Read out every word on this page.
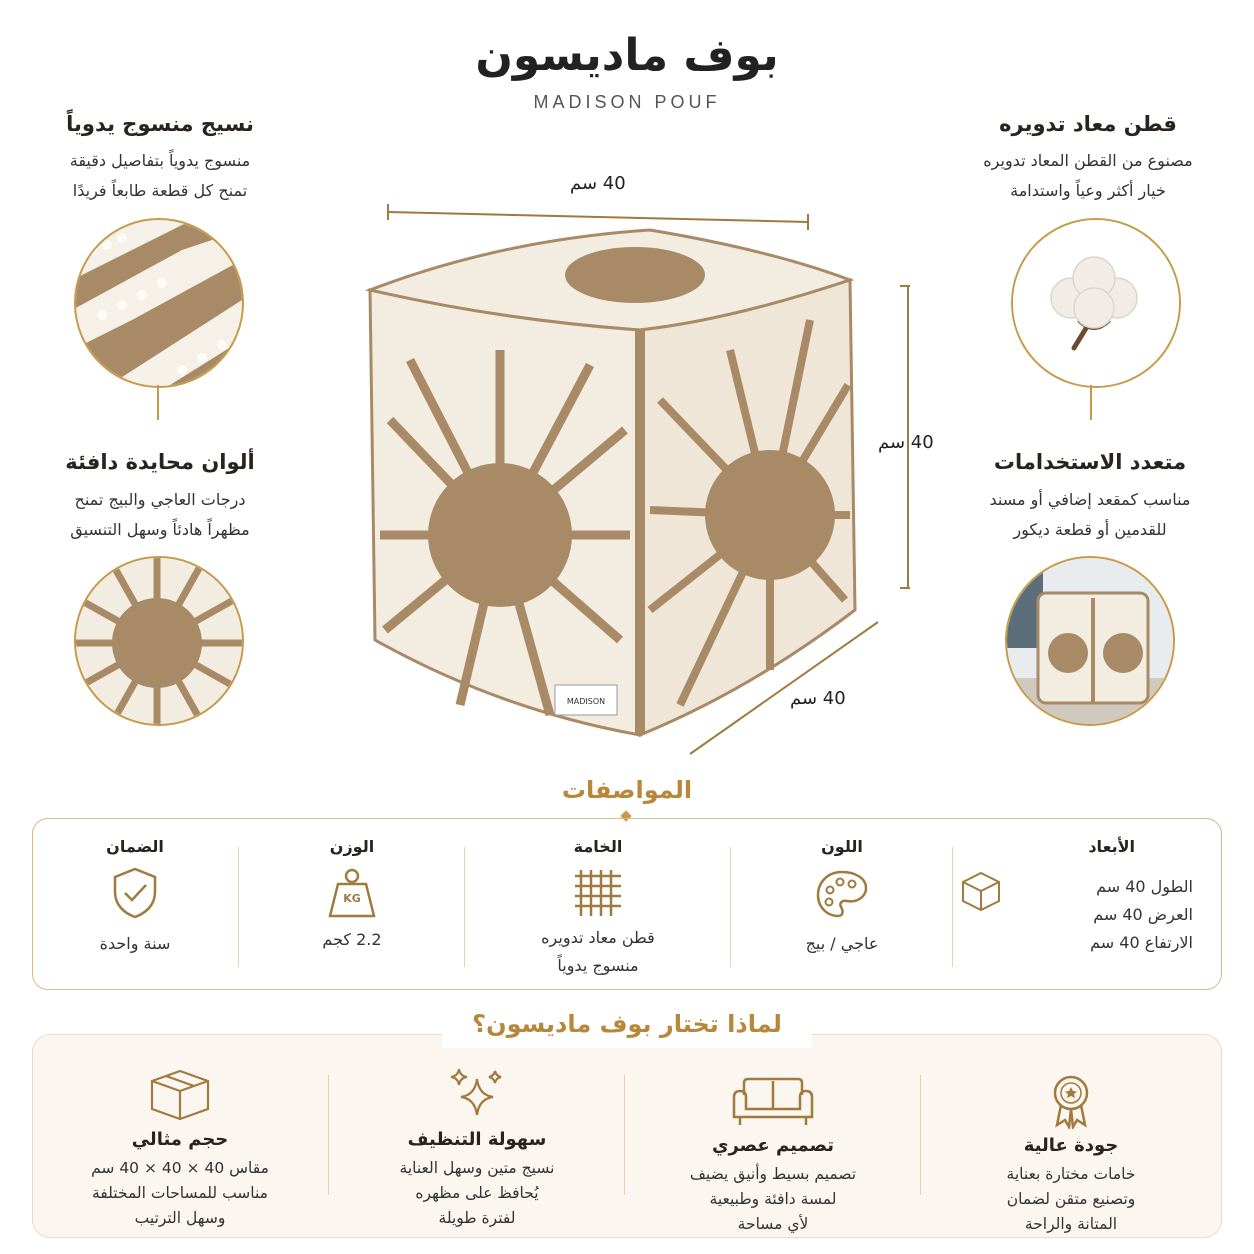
بوف ماديسون
MADISON POUF
نسيج منسوج يدوياً
منسوج يدوياً بتفاصيل دقيقة
تمنح كل قطعة طابعاً فريدًا
ألوان محايدة دافئة
درجات العاجي والبيج تمنح
مظهراً هادئاً وسهل التنسيق
قطن معاد تدويره
مصنوع من القطن المعاد تدويره
خيار أكثر وعياً واستدامة
متعدد الاستخدامات
مناسب كمقعد إضافي أو مسند
للقدمين أو قطعة ديكور
MADISON
40 سم
40 سم
40 سم
المواصفات
الأبعاد
الطول 40 سم
العرض 40 سم
الارتفاع 40 سم
اللون
عاجي / بيج
الخامة
قطن معاد تدويره
منسوج يدوياً
الوزن
KG
2.2 كجم
الضمان
سنة واحدة
جودة عالية
خامات مختارة بعناية
وتصنيع متقن لضمان
المتانة والراحة
تصميم عصري
تصميم بسيط وأنيق يضيف
لمسة دافئة وطبيعية
لأي مساحة
سهولة التنظيف
نسيج متين وسهل العناية
يُحافظ على مظهره
لفترة طويلة
حجم مثالي
مقاس 40 × 40 × 40 سم
مناسب للمساحات المختلفة
وسهل الترتيب
لماذا تختار بوف ماديسون؟
